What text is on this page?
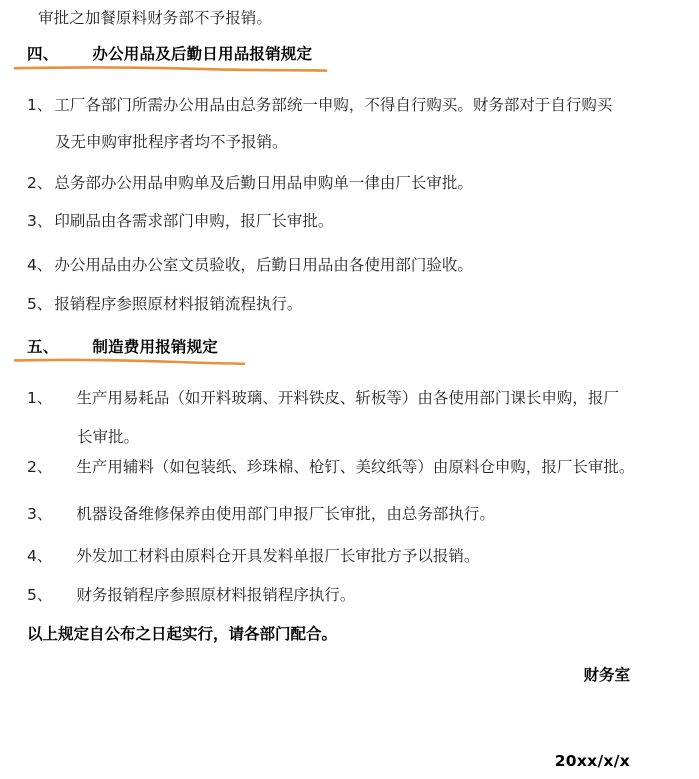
审批之加餐原料财务部不予报销。
四、 办公用品及后勤日用品报销规定
1、 工厂各部门所需办公用品由总务部统一申购，不得自行购买。财务部对于自行购买
及无申购审批程序者均不予报销。
2、 总务部办公用品申购单及后勤日用品申购单一律由厂长审批。
3、 印刷品由各需求部门申购，报厂长审批。
4、 办公用品由办公室文员验收，后勤日用品由各使用部门验收。
5、 报销程序参照原材料报销流程执行。
五、 制造费用报销规定
1、 生产用易耗品（如开料玻璃、开料铁皮、斩板等）由各使用部门课长申购，报厂
长审批。
2、 生产用辅料（如包装纸、珍珠棉、枪钉、美纹纸等）由原料仓申购，报厂长审批。
3、 机器设备维修保养由使用部门申报厂长审批，由总务部执行。
4、 外发加工材料由原料仓开具发料单报厂长审批方予以报销。
5、 财务报销程序参照原材料报销程序执行。
以上规定自公布之日起实行，请各部门配合。
财务室
20xx/x/x
